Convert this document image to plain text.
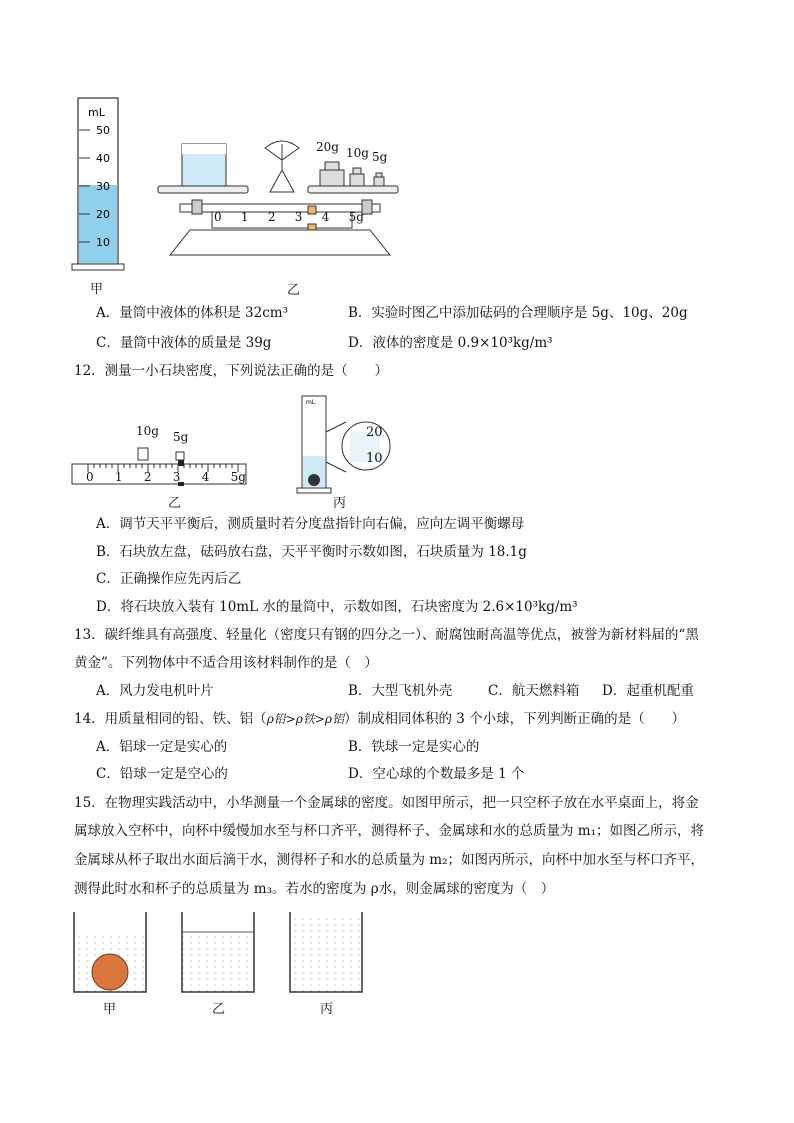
mL
50
40
30
20
10
甲
0 1 2 3 4 5g
20g 10g 5g
乙
A．量筒中液体的体积是 32cm³	B．实验时图乙中添加砝码的合理顺序是 5g、10g、20g
C．量筒中液体的质量是 39g	D．液体的密度是 0.9×10³kg/m³
12．测量一小石块密度，下列说法正确的是（　　）
10g 5g
0 1 2 3 4 5g
乙
mL
20
10
丙
A．调节天平平衡后，测质量时若分度盘指针向右偏，应向左调平衡螺母
B．石块放左盘，砝码放右盘，天平平衡时示数如图，石块质量为 18.1g
C．正确操作应先丙后乙
D．将石块放入装有 10mL 水的量筒中，示数如图，石块密度为 2.6×10³kg/m³
13．碳纤维具有高强度、轻量化（密度只有钢的四分之一）、耐腐蚀耐高温等优点，被誉为新材料届的“黑
黄金”。下列物体中不适合用该材料制作的是（　）
A．风力发电机叶片	B．大型飞机外壳	C．航天燃料箱 D．起重机配重
14．用质量相同的铅、铁、铝（ρ铅>ρ铁>ρ铝）制成相同体积的 3 个小球，下列判断正确的是（　　）
A．铝球一定是实心的	B．铁球一定是实心的
C．铅球一定是空心的	D．空心球的个数最多是 1 个
15．在物理实践活动中，小华测量一个金属球的密度。如图甲所示，把一只空杯子放在水平桌面上，将金
属球放入空杯中，向杯中缓慢加水至与杯口齐平，测得杯子、金属球和水的总质量为 m₁；如图乙所示，将
金属球从杯子取出水面后滴干水，测得杯子和水的总质量为 m₂；如图丙所示，向杯中加水至与杯口齐平，
测得此时水和杯子的总质量为 m₃。若水的密度为 ρ水，则金属球的密度为（　）
甲	乙	丙
